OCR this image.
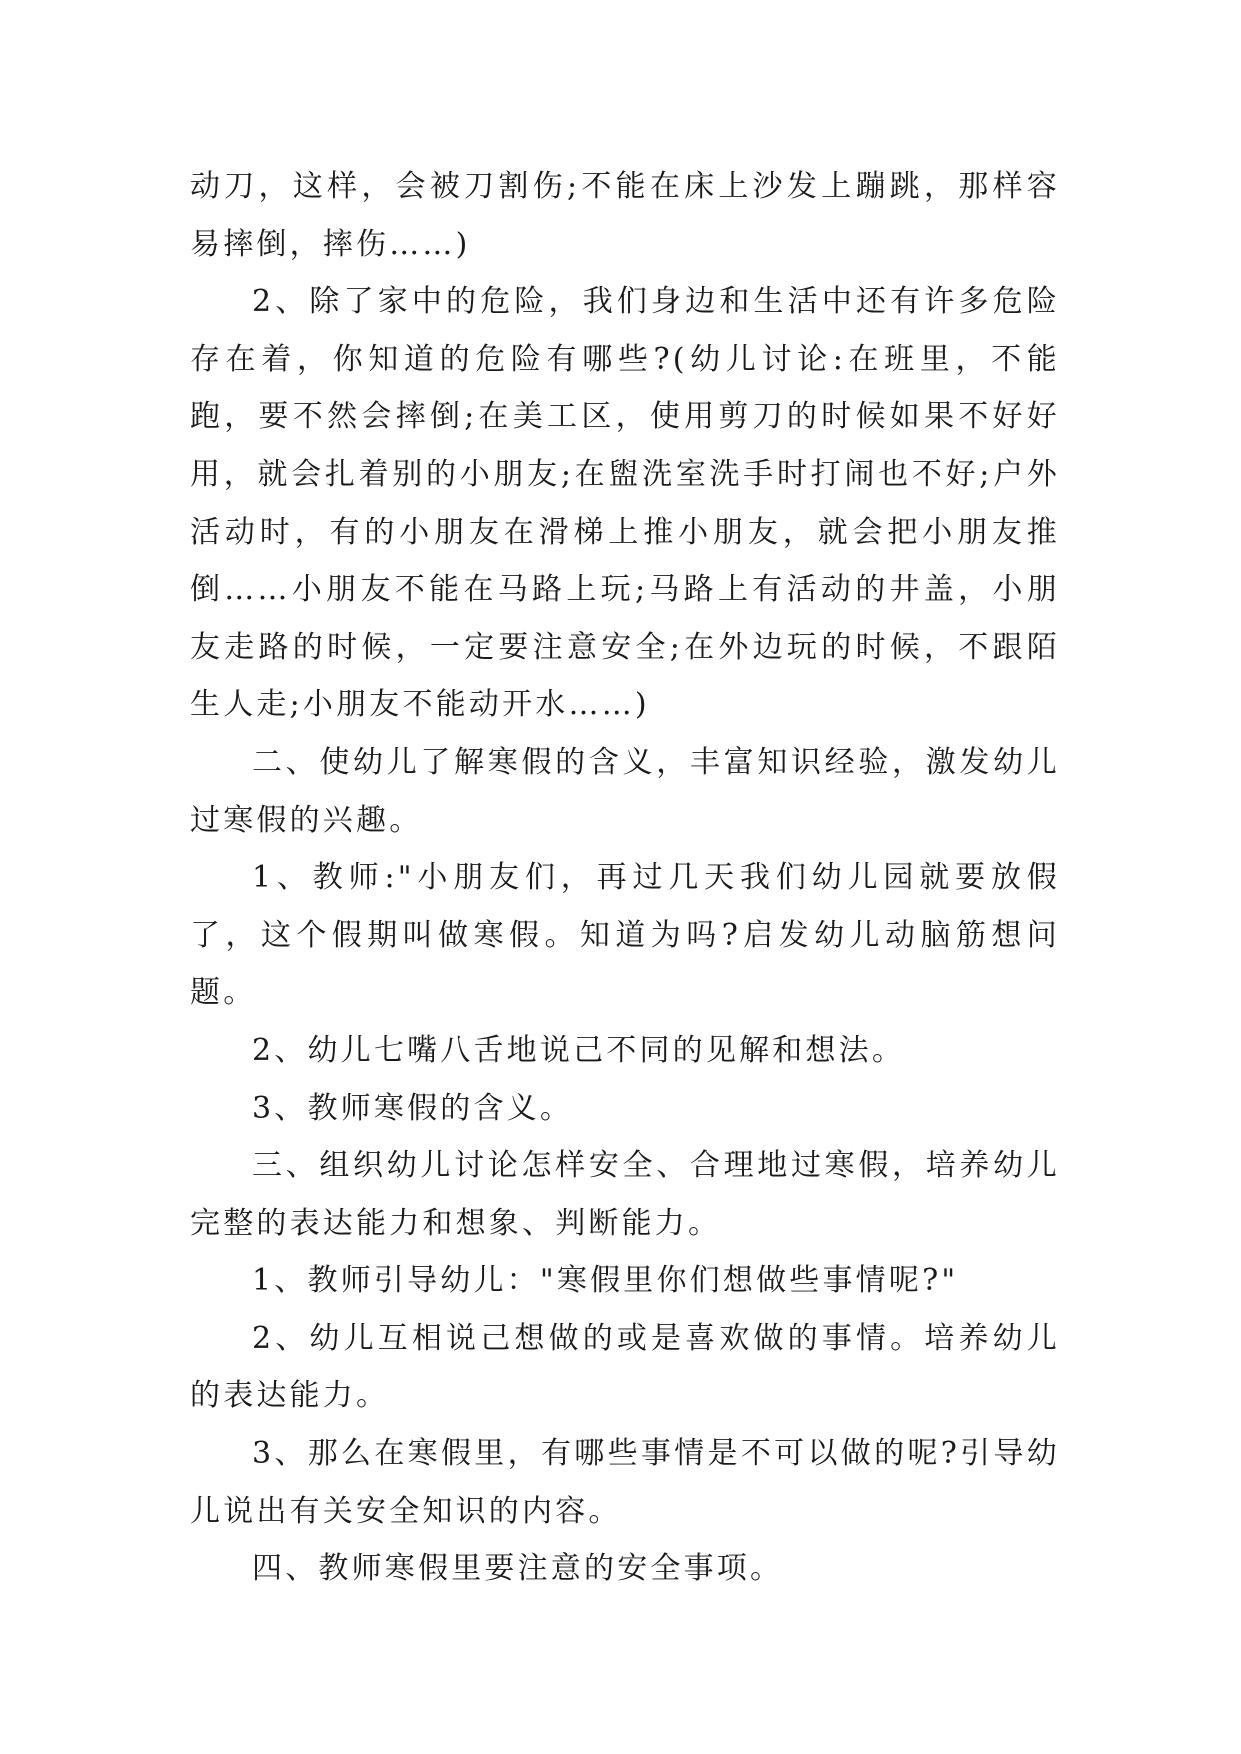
动刀，这样，会被刀割伤;不能在床上沙发上蹦跳，那样容易摔倒，摔伤……)

2、除了家中的危险，我们身边和生活中还有许多危险存在着，你知道的危险有哪些?(幼儿讨论:在班里，不能跑，要不然会摔倒;在美工区，使用剪刀的时候如果不好好用，就会扎着别的小朋友;在盥洗室洗手时打闹也不好;户外活动时，有的小朋友在滑梯上推小朋友，就会把小朋友推倒……小朋友不能在马路上玩;马路上有活动的井盖，小朋友走路的时候，一定要注意安全;在外边玩的时候，不跟陌生人走;小朋友不能动开水……)

二、使幼儿了解寒假的含义，丰富知识经验，激发幼儿过寒假的兴趣。

1、教师:"小朋友们，再过几天我们幼儿园就要放假了，这个假期叫做寒假。知道为吗?启发幼儿动脑筋想问题。

2、幼儿七嘴八舌地说己不同的见解和想法。

3、教师寒假的含义。

三、组织幼儿讨论怎样安全、合理地过寒假，培养幼儿完整的表达能力和想象、判断能力。

1、教师引导幼儿："寒假里你们想做些事情呢?"

2、幼儿互相说己想做的或是喜欢做的事情。培养幼儿的表达能力。

3、那么在寒假里，有哪些事情是不可以做的呢?引导幼儿说出有关安全知识的内容。

四、教师寒假里要注意的安全事项。
